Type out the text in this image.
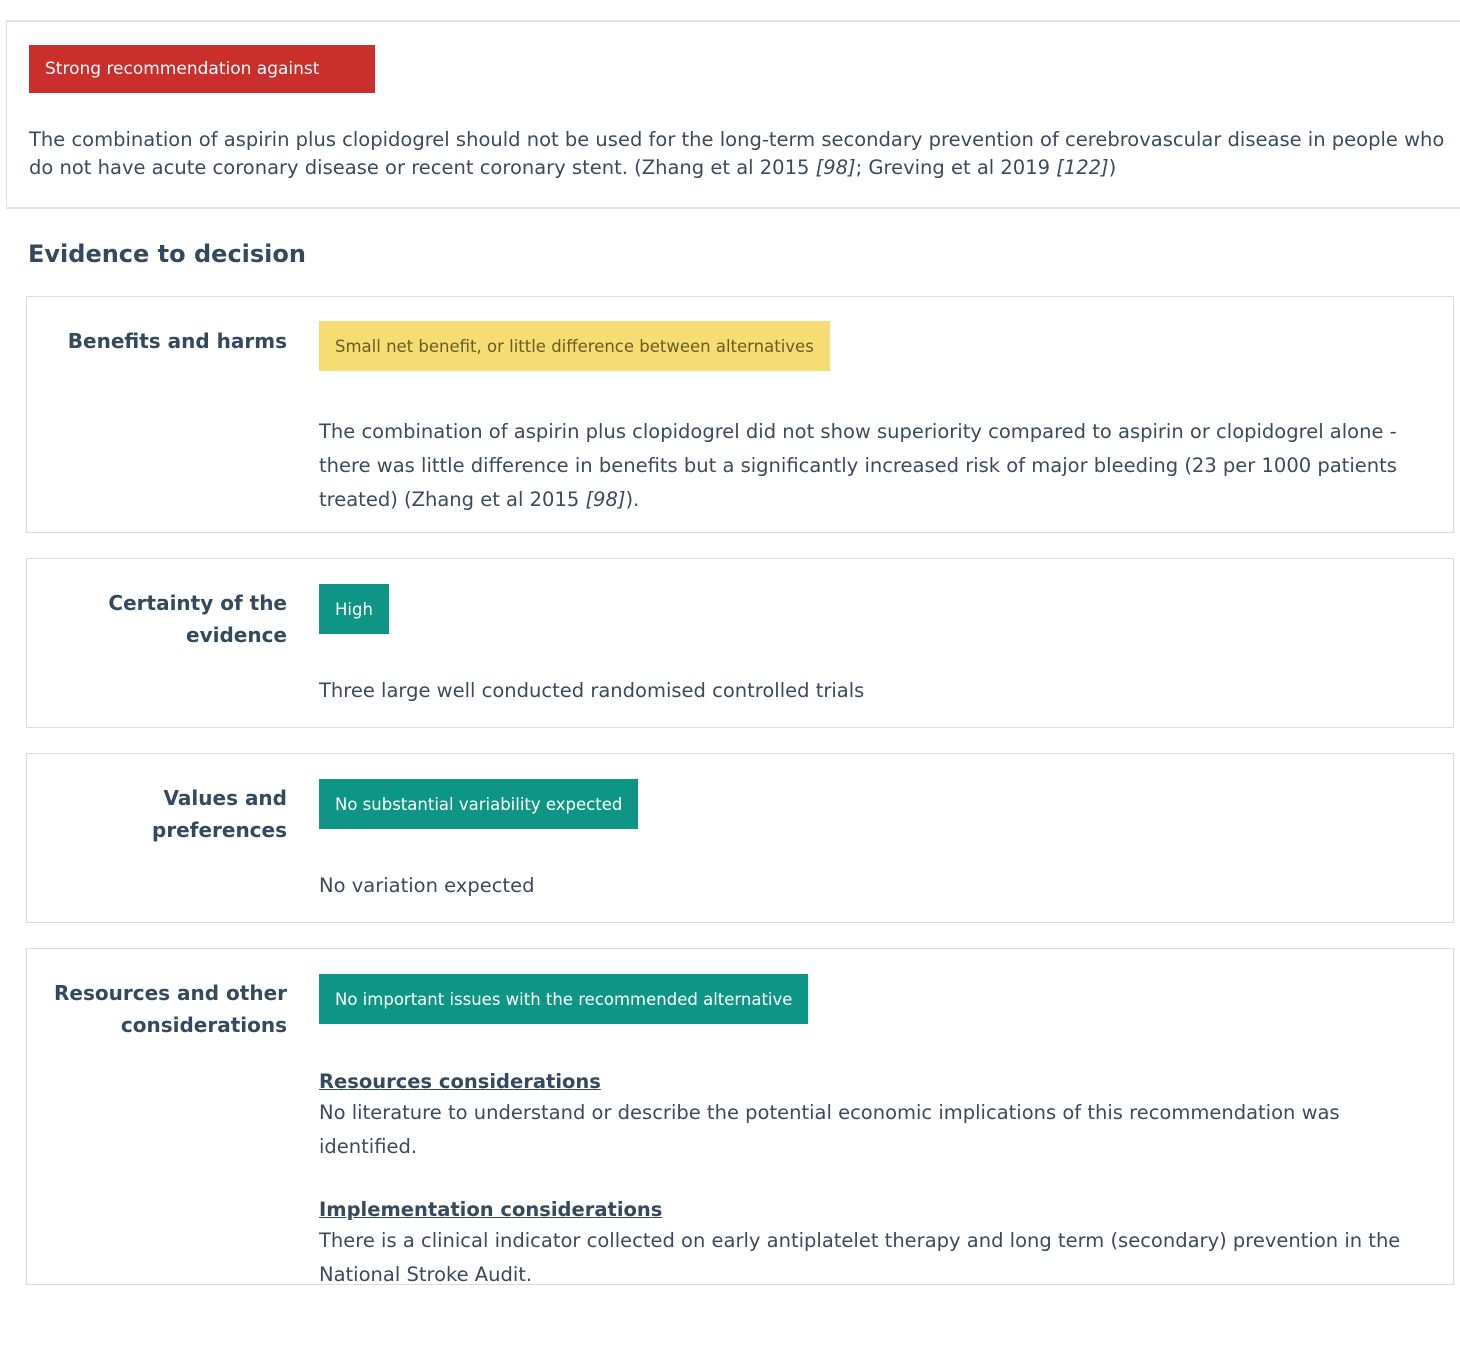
Strong recommendation against

The combination of aspirin plus clopidogrel should not be used for the long-term secondary prevention of cerebrovascular disease in people who do not have acute coronary disease or recent coronary stent. (Zhang et al 2015 [98]; Greving et al 2019 [122])

Evidence to decision
Benefits and harms	Small net benefit, or little difference between alternatives

The combination of aspirin plus clopidogrel did not show superiority compared to aspirin or clopidogrel alone - there was little difference in benefits but a significantly increased risk of major bleeding (23 per 1000 patients treated) (Zhang et al 2015 [98]).

Certainty of the
evidence
High

Three large well conducted randomised controlled trials

Values and
preferences
No substantial variability expected

No variation expected

Resources and other
considerations
No important issues with the recommended alternative
Resources considerations

No literature to understand or describe the potential economic implications of this recommendation was identified.

Implementation considerations

There is a clinical indicator collected on early antiplatelet therapy and long term (secondary) prevention in the National Stroke Audit.
